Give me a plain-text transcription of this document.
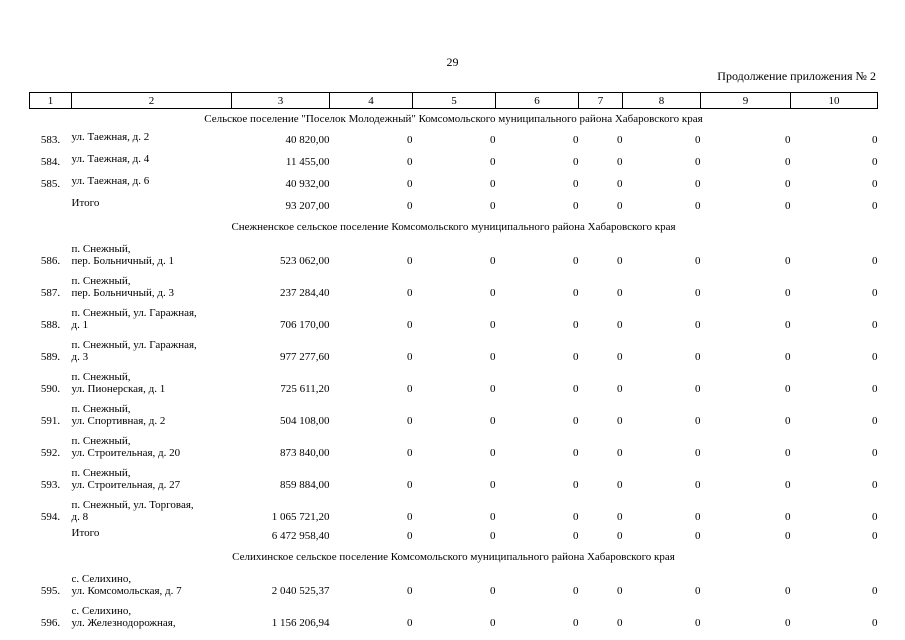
29
Продолжение приложения № 2
1	2	3	4	5	6	7	8	9	10
Сельское поселение "Поселок Молодежный" Комсомольского муниципального района Хабаровского края									
583.	ул. Таежная, д. 2	40 820,00	0	0	0	0	0	0	0
584.	ул. Таежная, д. 4	11 455,00	0	0	0	0	0	0	0
585.	ул. Таежная, д. 6	40 932,00	0	0	0	0	0	0	0

	Итого	93 207,00	0	0	0	0	0	0	0
Снежненское сельское поселение Комсомольского муниципального района Хабаровского края									
586.	п. Снежный,
пер. Больничный, д. 1	523 062,00	0	0	0	0	0	0	0
587.	п. Снежный,
пер. Больничный, д. 3	237 284,40	0	0	0	0	0	0	0
588.	п. Снежный, ул. Гаражная,
д. 1	706 170,00	0	0	0	0	0	0	0
589.	п. Снежный, ул. Гаражная,
д. 3	977 277,60	0	0	0	0	0	0	0
590.	п. Снежный,
ул. Пионерская, д. 1	725 611,20	0	0	0	0	0	0	0
591.	п. Снежный,
ул. Спортивная, д. 2	504 108,00	0	0	0	0	0	0	0
592.	п. Снежный,
ул. Строительная, д. 20	873 840,00	0	0	0	0	0	0	0
593.	п. Снежный,
ул. Строительная, д. 27	859 884,00	0	0	0	0	0	0	0
594.	п. Снежный, ул. Торговая,
д. 8	1 065 721,20	0	0	0	0	0	0	0

	Итого	6 472 958,40	0	0	0	0	0	0	0
Селихинское сельское поселение Комсомольского муниципального района Хабаровского края									
595.	с. Селихино,
ул. Комсомольская, д. 7	2 040 525,37	0	0	0	0	0	0	0
596.	с. Селихино,
ул. Железнодорожная,	1 156 206,94	0	0	0	0	0	0	0
